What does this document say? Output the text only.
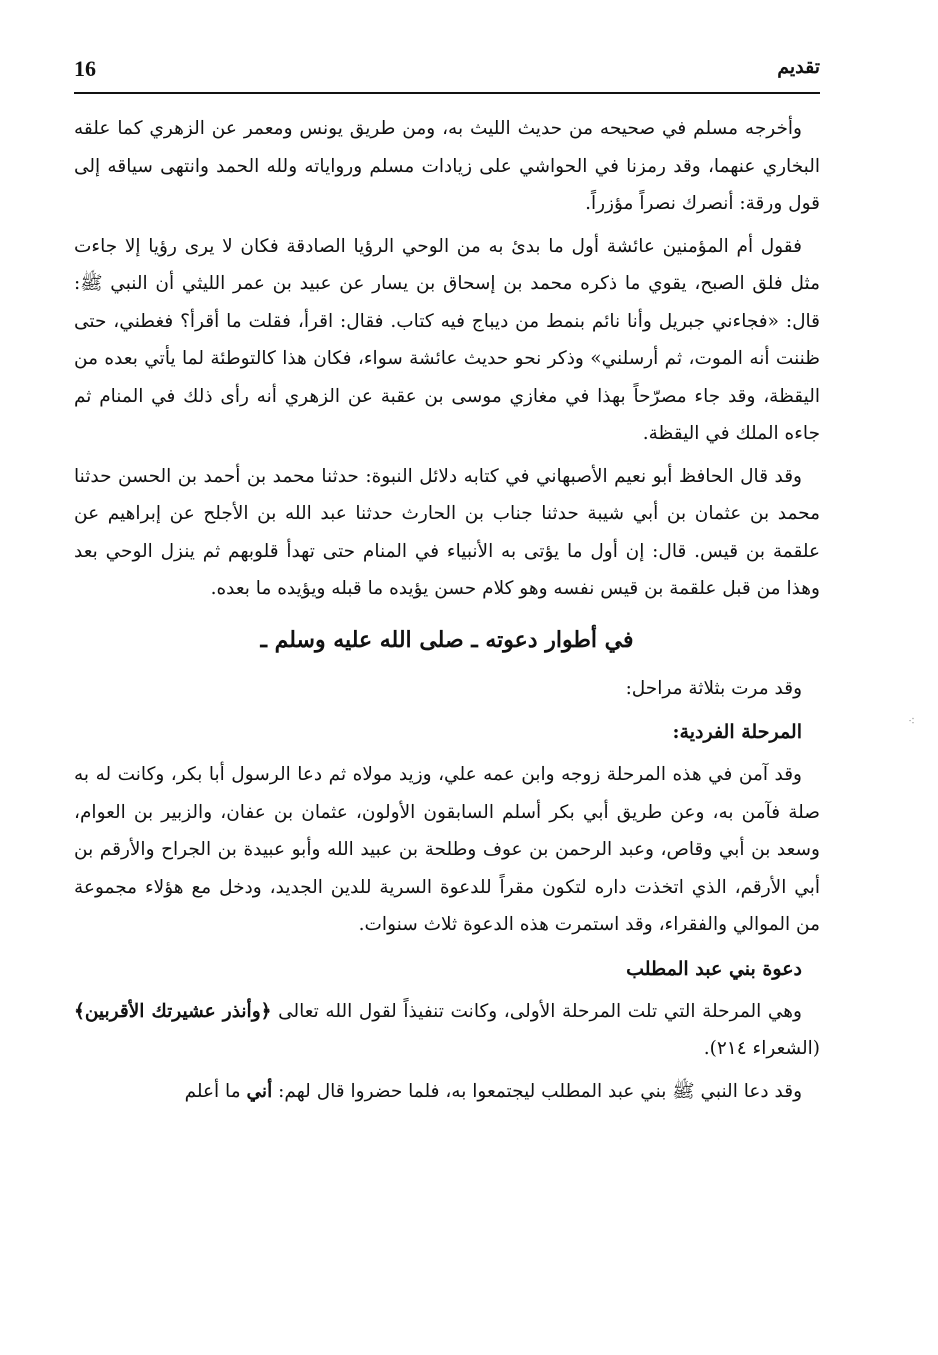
16	تقديم

وأخرجه مسلم في صحيحه من حديث الليث به، ومن طريق يونس ومعمر عن الزهري كما علقه البخاري عنهما، وقد رمزنا في الحواشي على زيادات مسلم ورواياته ولله الحمد وانتهى سياقه إلى قول ورقة: أنصرك نصراً مؤزراً.

فقول أم المؤمنين عائشة أول ما بدئ به من الوحي الرؤيا الصادقة فكان لا يرى رؤيا إلا جاءت مثل فلق الصبح، يقوي ما ذكره محمد بن إسحاق بن يسار عن عبيد بن عمر الليثي أن النبي ﷺ: قال: «فجاءني جبريل وأنا نائم بنمط من ديباج فيه كتاب. فقال: اقرأ، فقلت ما أقرأ؟ فغطني، حتى ظننت أنه الموت، ثم أرسلني» وذكر نحو حديث عائشة سواء، فكان هذا كالتوطئة لما يأتي بعده من اليقظة، وقد جاء مصرّحاً بهذا في مغازي موسى بن عقبة عن الزهري أنه رأى ذلك في المنام ثم جاءه الملك في اليقظة.

وقد قال الحافظ أبو نعيم الأصبهاني في كتابه دلائل النبوة: حدثنا محمد بن أحمد بن الحسن حدثنا محمد بن عثمان بن أبي شيبة حدثنا جناب بن الحارث حدثنا عبد الله بن الأجلح عن إبراهيم عن علقمة بن قيس. قال: إن أول ما يؤتى به الأنبياء في المنام حتى تهدأ قلوبهم ثم ينزل الوحي بعد وهذا من قبل علقمة بن قيس نفسه وهو كلام حسن يؤيده ما قبله ويؤيده ما بعده.

في أطوار دعوته ـ صلى الله عليه وسلم ـ

وقد مرت بثلاثة مراحل:

المرحلة الفردية:

وقد آمن في هذه المرحلة زوجه وابن عمه علي، وزيد مولاه ثم دعا الرسول أبا بكر، وكانت له به صلة فآمن به، وعن طريق أبي بكر أسلم السابقون الأولون، عثمان بن عفان، والزبير بن العوام، وسعد بن أبي وقاص، وعبد الرحمن بن عوف وطلحة بن عبيد الله وأبو عبيدة بن الجراح والأرقم بن أبي الأرقم، الذي اتخذت داره لتكون مقراً للدعوة السرية للدين الجديد، ودخل مع هؤلاء مجموعة من الموالي والفقراء، وقد استمرت هذه الدعوة ثلاث سنوات.

دعوة بني عبد المطلب

وهي المرحلة التي تلت المرحلة الأولى، وكانت تنفيذاً لقول الله تعالى ﴿وأنذر عشيرتك الأقربين﴾ (الشعراء ٢١٤).

وقد دعا النبي ﷺ بني عبد المطلب ليجتمعوا به، فلما حضروا قال لهم: أني ما أعلم

⁖
